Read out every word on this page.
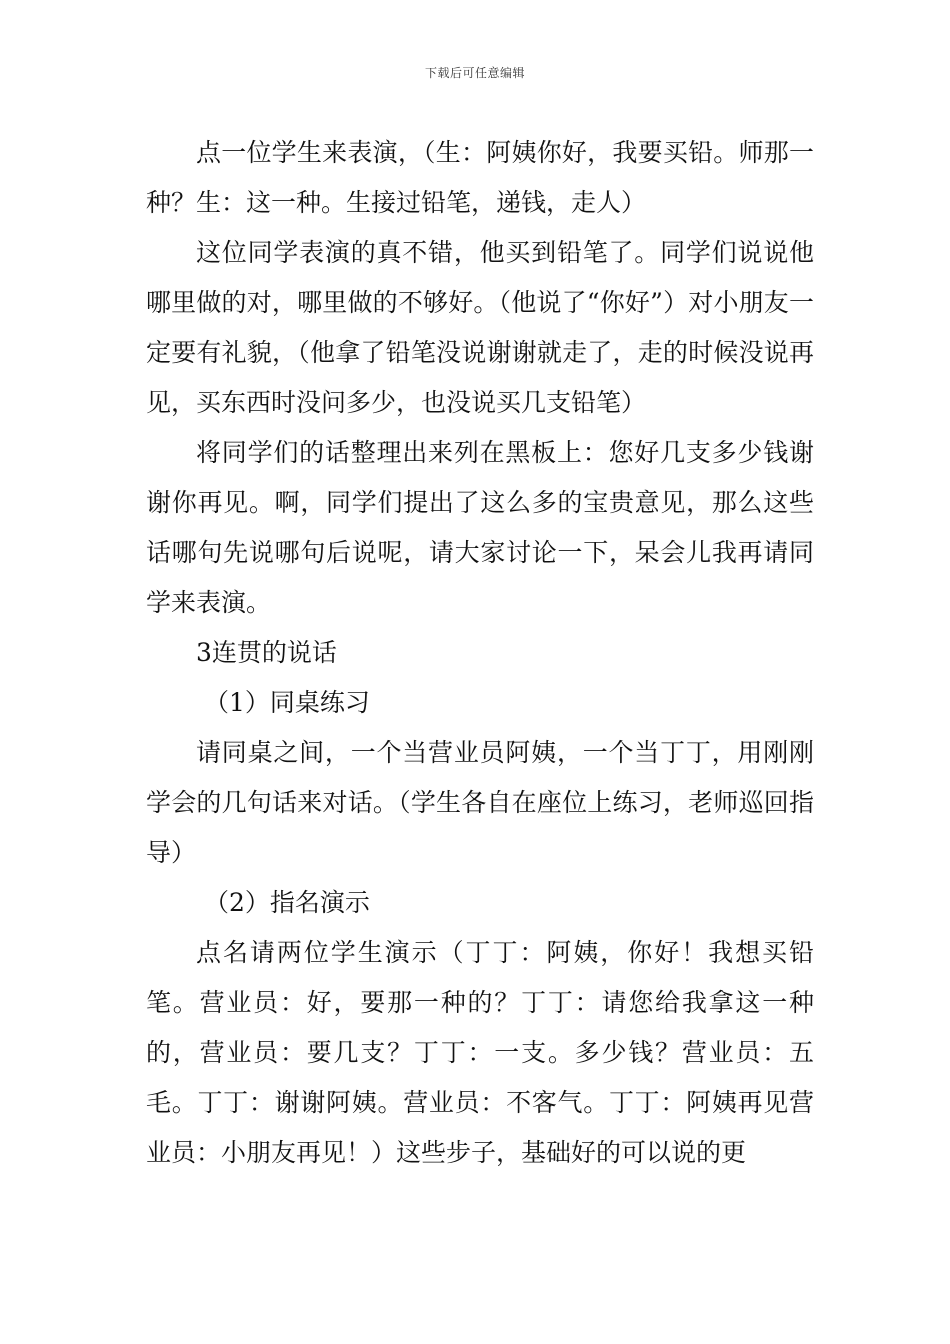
下载后可任意编辑

点一位学生来表演，（生：阿姨你好，我要买铅。师那一种？生：这一种。生接过铅笔，递钱，走人）

这位同学表演的真不错，他买到铅笔了。同学们说说他哪里做的对，哪里做的不够好。（他说了“你好”）对小朋友一定要有礼貌，（他拿了铅笔没说谢谢就走了，走的时候没说再见，买东西时没问多少，也没说买几支铅笔）

将同学们的话整理出来列在黑板上：您好几支多少钱谢谢你再见。啊，同学们提出了这么多的宝贵意见，那么这些话哪句先说哪句后说呢，请大家讨论一下，呆会儿我再请同学来表演。

3连贯的说话

（1）同桌练习

请同桌之间，一个当营业员阿姨，一个当丁丁，用刚刚学会的几句话来对话。（学生各自在座位上练习，老师巡回指导）

（2）指名演示

点名请两位学生演示（丁丁：阿姨，你好！我想买铅笔。营业员：好，要那一种的？丁丁：请您给我拿这一种的，营业员：要几支？丁丁：一支。多少钱？营业员：五毛。丁丁：谢谢阿姨。营业员：不客气。丁丁：阿姨再见营业员：小朋友再见！）这些步子，基础好的可以说的更
